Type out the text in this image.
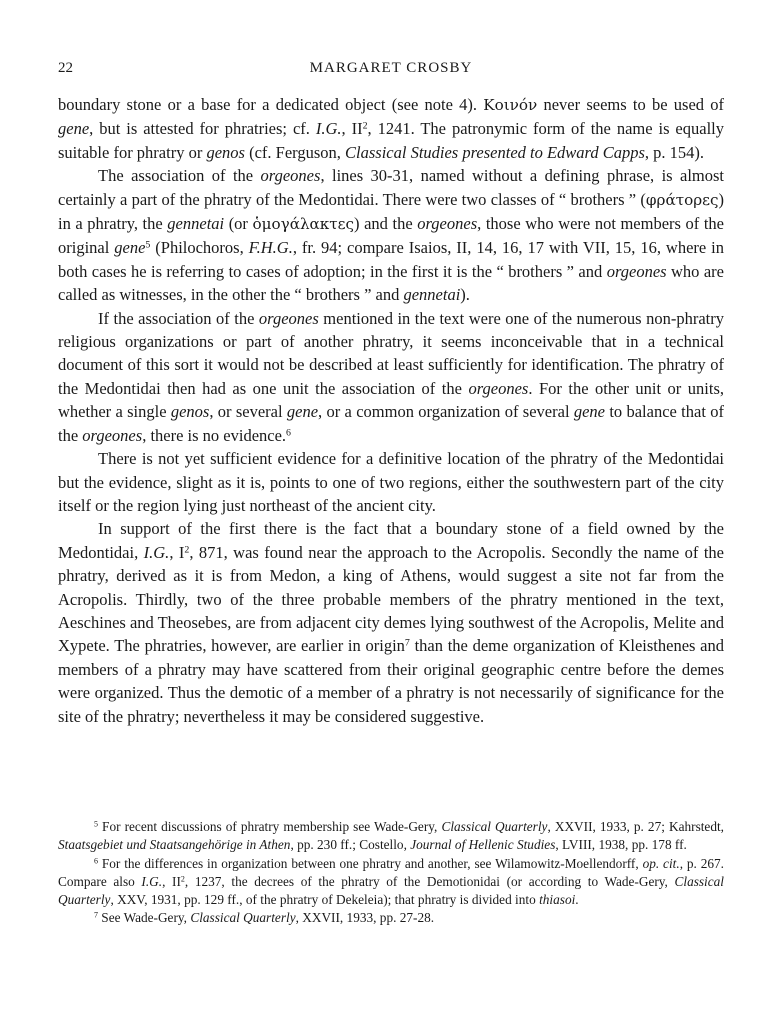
22	MARGARET CROSBY

boundary stone or a base for a dedicated object (see note 4). Κοινόν never seems to be used of gene, but is attested for phratries; cf. I.G., $II^2$, 1241. The patronymic form of the name is equally suitable for phratry or genos (cf. Ferguson, Classical Studies presented to Edward Capps, p. 154).

The association of the orgeones, lines 30-31, named without a defining phrase, is almost certainly a part of the phratry of the Medontidai. There were two classes of “ brothers ” (φράτορες) in a phratry, the gennetai (or ὁμογάλακτες) and the orgeones, those who were not members of the original gene$^5$ (Philochoros, F.H.G., fr. 94; compare Isaios, II, 14, 16, 17 with VII, 15, 16, where in both cases he is referring to cases of adoption; in the first it is the “ brothers ” and orgeones who are called as witnesses, in the other the “ brothers ” and gennetai).

If the association of the orgeones mentioned in the text were one of the numerous non-phratry religious organizations or part of another phratry, it seems inconceivable that in a technical document of this sort it would not be described at least sufficiently for identification. The phratry of the Medontidai then had as one unit the association of the orgeones. For the other unit or units, whether a single genos, or several gene, or a common organization of several gene to balance that of the orgeones, there is no evidence.$^6$

There is not yet sufficient evidence for a definitive location of the phratry of the Medontidai but the evidence, slight as it is, points to one of two regions, either the southwestern part of the city itself or the region lying just northeast of the ancient city.

In support of the first there is the fact that a boundary stone of a field owned by the Medontidai, I.G., $I^2$, 871, was found near the approach to the Acropolis. Secondly the name of the phratry, derived as it is from Medon, a king of Athens, would suggest a site not far from the Acropolis. Thirdly, two of the three probable members of the phratry mentioned in the text, Aeschines and Theosebes, are from adjacent city demes lying southwest of the Acropolis, Melite and Xypete. The phratries, however, are earlier in origin$^7$ than the deme organization of Kleisthenes and members of a phratry may have scattered from their original geographic centre before the demes were organized. Thus the demotic of a member of a phratry is not necessarily of significance for the site of the phratry; nevertheless it may be considered suggestive.

$^5$ For recent discussions of phratry membership see Wade-Gery, Classical Quarterly, XXVII, 1933, p. 27; Kahrstedt, Staatsgebiet und Staatsangehörige in Athen, pp. 230 ff.; Costello, Journal of Hellenic Studies, LVIII, 1938, pp. 178 ff.

$^6$ For the differences in organization between one phratry and another, see Wilamowitz-Moellendorff, op. cit., p. 267. Compare also I.G., $II^2$, 1237, the decrees of the phratry of the Demotionidai (or according to Wade-Gery, Classical Quarterly, XXV, 1931, pp. 129 ff., of the phratry of Dekeleia); that phratry is divided into thiasoi.

$^7$ See Wade-Gery, Classical Quarterly, XXVII, 1933, pp. 27-28.
